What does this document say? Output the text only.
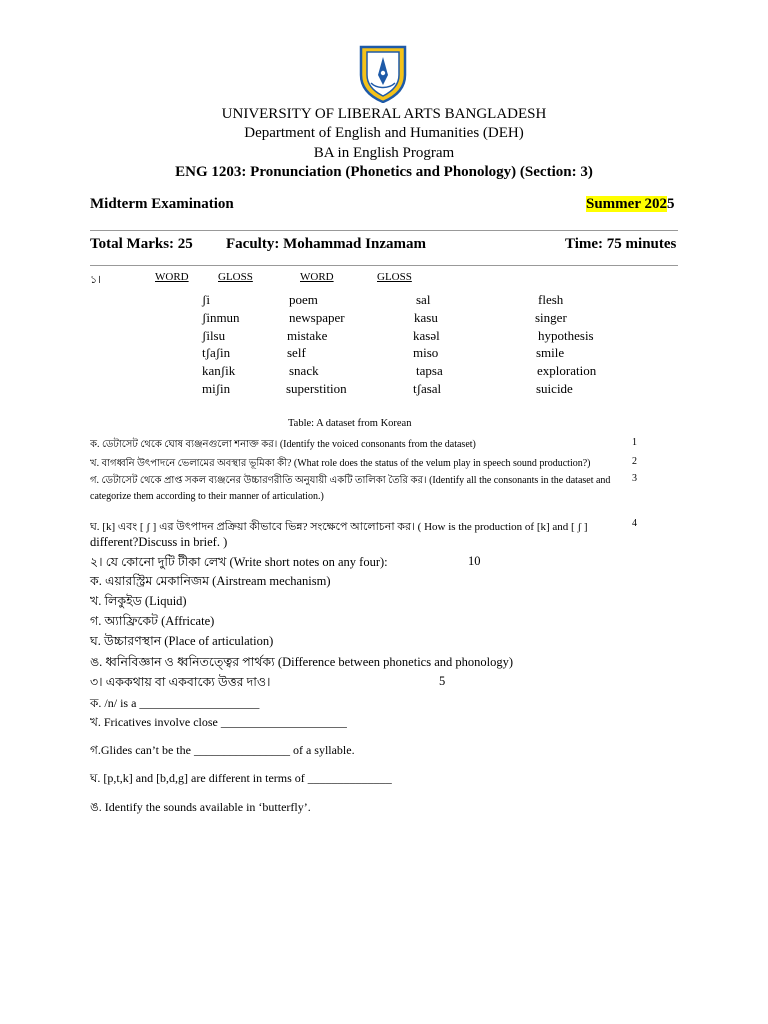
UNIVERSITY OF LIBERAL ARTS BANGLADESH
Department of English and Humanities (DEH)
BA in English Program
ENG 1203: Pronunciation (Phonetics and Phonology) (Section: 3)
Midterm Examination	Summer 2025
Total Marks: 25 Faculty: Mohammad Inzamam	Time: 75 minutes
১।	WORD	GLOSS	WORD	GLOSS
ʃi	poem	sal	flesh
ʃinmun	newspaper	kasu	singer
ʃilsu	mistake	kasəl	hypothesis
tʃaʃin	self	miso	smile
kanʃik	snack	tapsa	exploration
miʃin	superstition	tʃasal	suicide
Table: A dataset from Korean
ক. ডেটাসেট থেকে ঘোষ ব্যঞ্জনগুলো শনাক্ত কর। (Identify the voiced consonants from the dataset)	1
খ. বাগধ্বনি উৎপাদনে ভেলামের অবস্থার ভূমিকা কী? (What role does the status of the velum play in speech sound production?)	2
গ. ডেটাসেট থেকে প্রাপ্ত সকল ব্যঞ্জনের উচ্চারণরীতি অনুযায়ী একটি তালিকা তৈরি কর। (Identify all the consonants in the dataset and	3
categorize them according to their manner of articulation.)
ঘ. [k] এবং [ ʃ ] এর উৎপাদন প্রক্রিয়া কীভাবে ভিন্ন? সংক্ষেপে আলোচনা কর। ( How is the production of [k] and [ ʃ ]	4
different?Discuss in brief. )
২। যে কোনো দুটি টীকা লেখ (Write short notes on any four):	10
ক. এয়ারস্ট্রিম মেকানিজম (Airstream mechanism)
খ. লিকুইড (Liquid)
গ. অ্যাফ্রিকেট (Affricate)
ঘ. উচ্চারণস্থান (Place of articulation)
ঙ. ধ্বনিবিজ্ঞান ও ধ্বনিতত্ত্বের পার্থক্য (Difference between phonetics and phonology)
৩। এককথায় বা একবাক্যে উত্তর দাও।	5
ক. /n/ is a ____________________
খ. Fricatives involve close _____________________
গ.Glides can’t be the ________________ of a syllable.
ঘ. [p,t,k] and [b,d,g] are different in terms of ______________
ঙ. Identify the sounds available in ‘butterfly’.
